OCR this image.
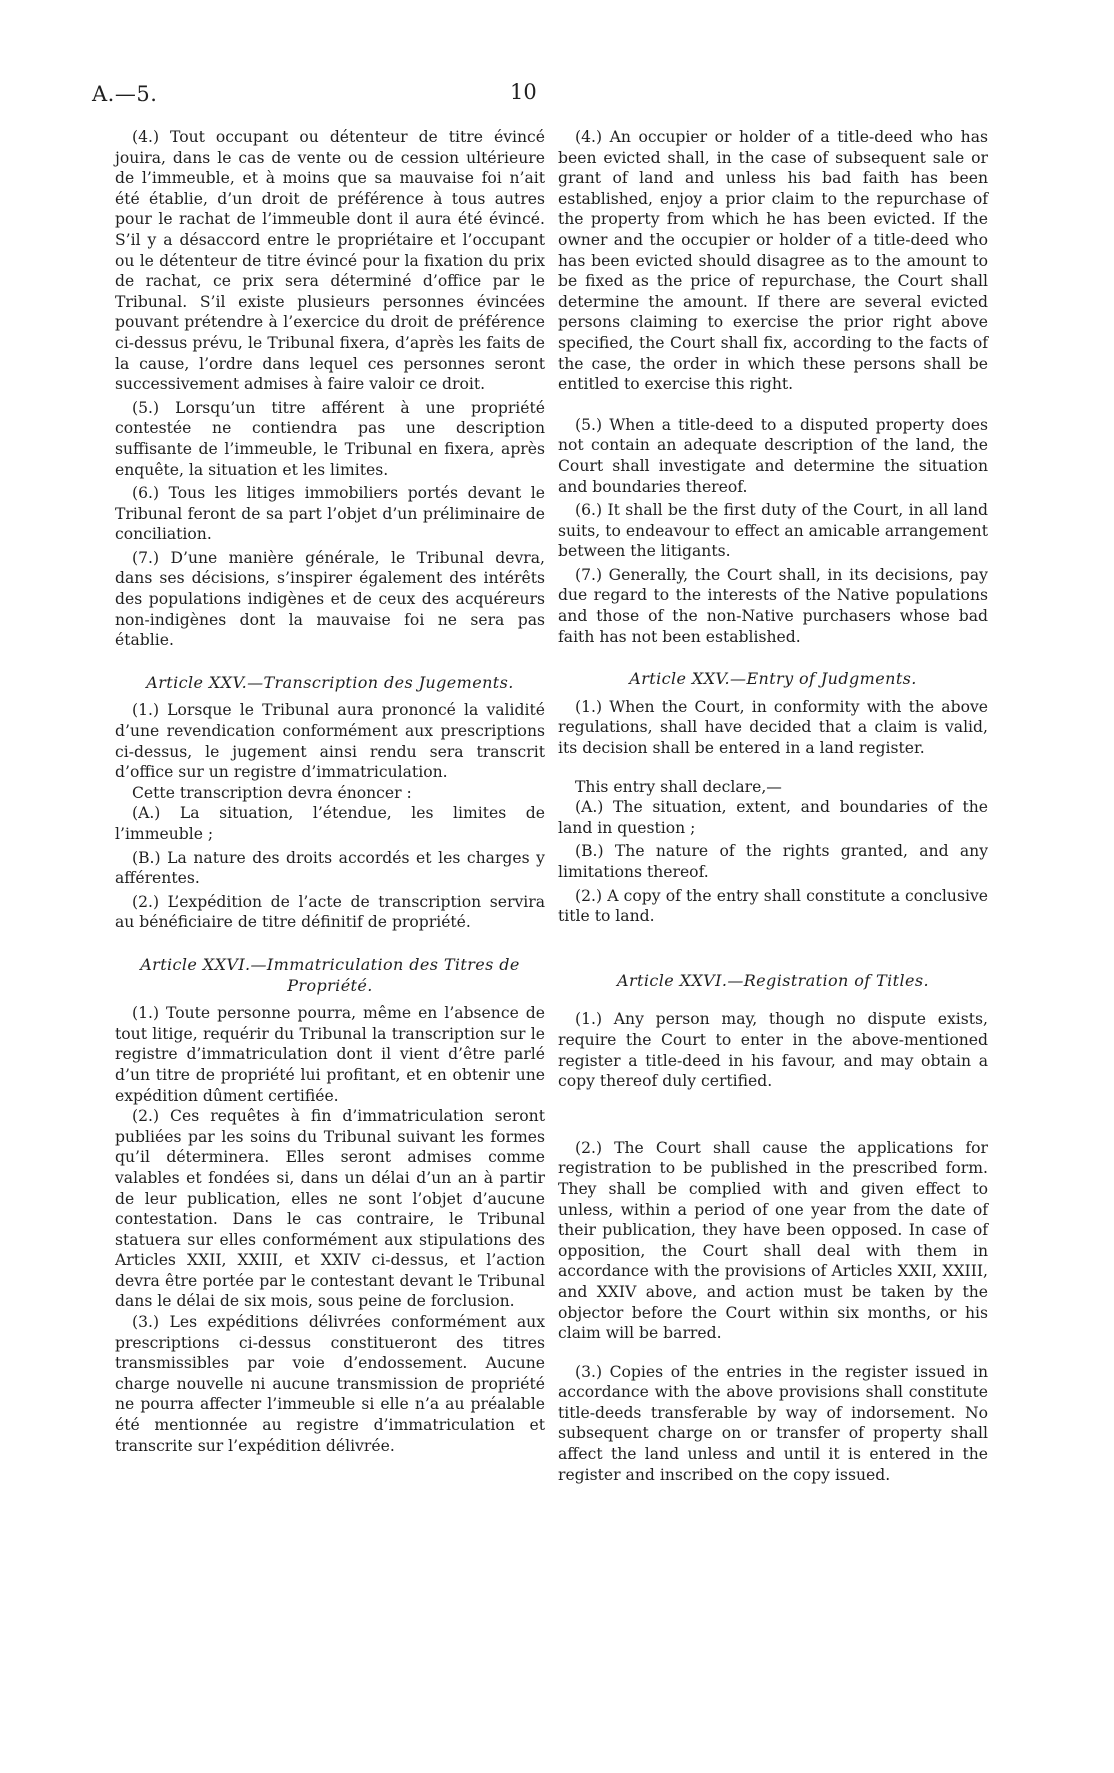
A.—5.	10

(4.) Tout occupant ou détenteur de titre évincé jouira, dans le cas de vente ou de cession ultérieure de l’immeuble, et à moins que sa mauvaise foi n’ait été établie, d’un droit de préférence à tous autres pour le rachat de l’immeuble dont il aura été évincé. S’il y a désaccord entre le propriétaire et l’occupant ou le détenteur de titre évincé pour la fixation du prix de rachat, ce prix sera déterminé d’office par le Tribunal. S’il existe plusieurs personnes évincées pouvant prétendre à l’exercice du droit de préférence ci-dessus prévu, le Tribunal fixera, d’après les faits de la cause, l’ordre dans lequel ces personnes seront successivement admises à faire valoir ce droit.

(5.) Lorsqu’un titre afférent à une propriété contestée ne contiendra pas une description suffisante de l’immeuble, le Tribunal en fixera, après enquête, la situation et les limites.

(6.) Tous les litiges immobiliers portés devant le Tribunal feront de sa part l’objet d’un préliminaire de conciliation.

(7.) D’une manière générale, le Tribunal devra, dans ses décisions, s’inspirer également des intérêts des populations indigènes et de ceux des acquéreurs non-indigènes dont la mauvaise foi ne sera pas établie.

Article XXV.—Transcription des Jugements.

(1.) Lorsque le Tribunal aura prononcé la validité d’une revendication conformément aux prescriptions ci-dessus, le jugement ainsi rendu sera transcrit d’office sur un registre d’immatriculation.

Cette transcription devra énoncer :

(A.) La situation, l’étendue, les limites de l’immeuble ;

(B.) La nature des droits accordés et les charges y afférentes.

(2.) L’expédition de l’acte de transcription servira au bénéficiaire de titre définitif de propriété.

Article XXVI.—Immatriculation des Titres de Propriété.

(1.) Toute personne pourra, même en l’absence de tout litige, requérir du Tribunal la transcription sur le registre d’immatriculation dont il vient d’être parlé d’un titre de propriété lui profitant, et en obtenir une expédition dûment certifiée.

(2.) Ces requêtes à fin d’immatriculation seront publiées par les soins du Tribunal suivant les formes qu’il déterminera. Elles seront admises comme valables et fondées si, dans un délai d’un an à partir de leur publication, elles ne sont l’objet d’aucune contestation. Dans le cas contraire, le Tribunal statuera sur elles conformément aux stipulations des Articles XXII, XXIII, et XXIV ci-dessus, et l’action devra être portée par le contestant devant le Tribunal dans le délai de six mois, sous peine de forclusion.

(3.) Les expéditions délivrées conformément aux prescriptions ci-dessus constitueront des titres transmissibles par voie d’endossement. Aucune charge nouvelle ni aucune transmission de propriété ne pourra affecter l’immeuble si elle n’a au préalable été mentionnée au registre d’immatriculation et transcrite sur l’expédition délivrée.

(4.) An occupier or holder of a title-deed who has been evicted shall, in the case of subsequent sale or grant of land and unless his bad faith has been established, enjoy a prior claim to the repurchase of the property from which he has been evicted. If the owner and the occupier or holder of a title-deed who has been evicted should disagree as to the amount to be fixed as the price of repurchase, the Court shall determine the amount. If there are several evicted persons claiming to exercise the prior right above specified, the Court shall fix, according to the facts of the case, the order in which these persons shall be entitled to exercise this right.

(5.) When a title-deed to a disputed property does not contain an adequate description of the land, the Court shall investigate and determine the situation and boundaries thereof.

(6.) It shall be the first duty of the Court, in all land suits, to endeavour to effect an amicable arrangement between the litigants.

(7.) Generally, the Court shall, in its decisions, pay due regard to the interests of the Native populations and those of the non-Native purchasers whose bad faith has not been established.

Article XXV.—Entry of Judgments.

(1.) When the Court, in conformity with the above regulations, shall have decided that a claim is valid, its decision shall be entered in a land register.

This entry shall declare,—

(A.) The situation, extent, and boundaries of the land in question ;

(B.) The nature of the rights granted, and any limitations thereof.

(2.) A copy of the entry shall constitute a conclusive title to land.

Article XXVI.—Registration of Titles.

(1.) Any person may, though no dispute exists, require the Court to enter in the above-mentioned register a title-deed in his favour, and may obtain a copy thereof duly certified.

(2.) The Court shall cause the applications for registration to be published in the prescribed form. They shall be complied with and given effect to unless, within a period of one year from the date of their publication, they have been opposed. In case of opposition, the Court shall deal with them in accordance with the provisions of Articles XXII, XXIII, and XXIV above, and action must be taken by the objector before the Court within six months, or his claim will be barred.

(3.) Copies of the entries in the register issued in accordance with the above provisions shall constitute title-deeds transferable by way of indorsement. No subsequent charge on or transfer of property shall affect the land unless and until it is entered in the register and inscribed on the copy issued.
